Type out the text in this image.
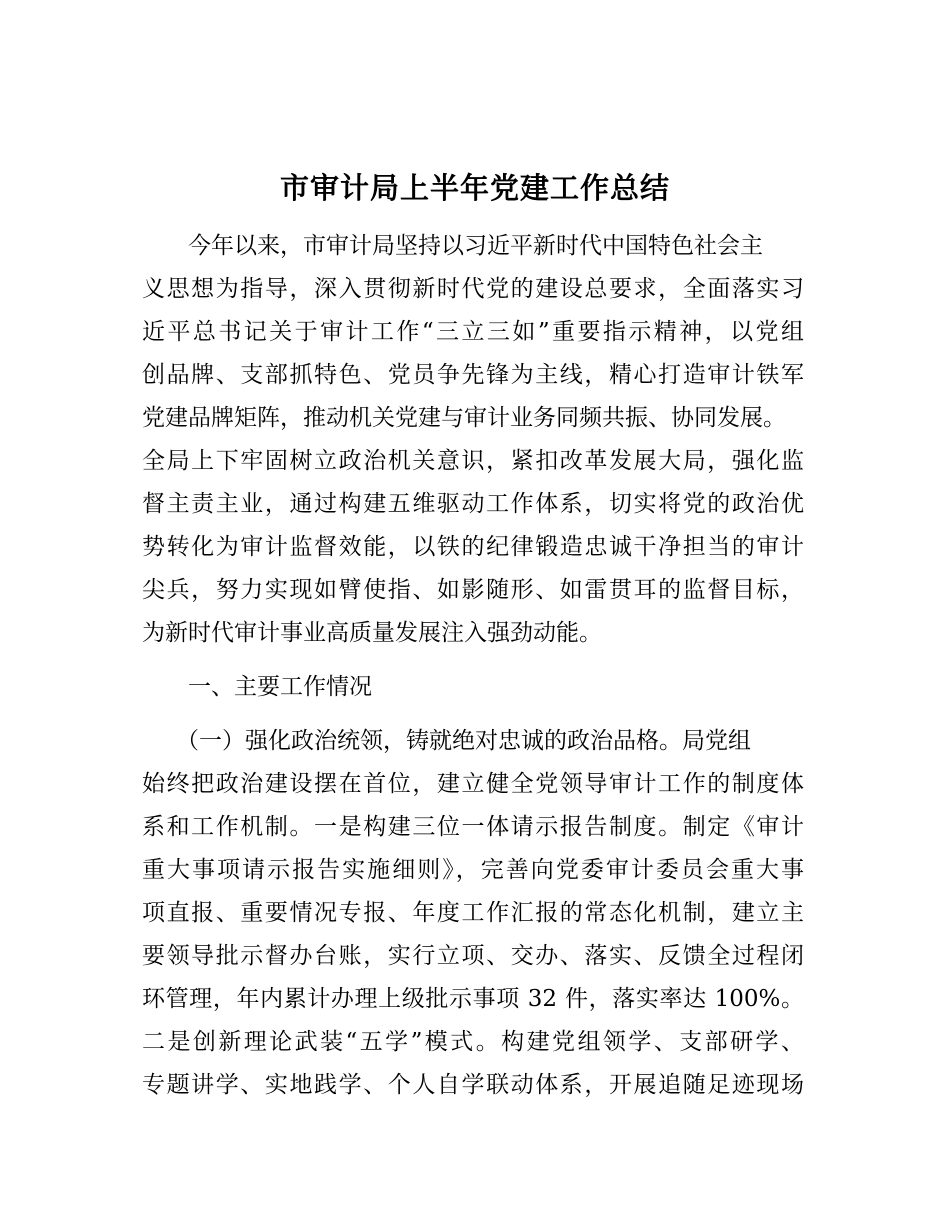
市审计局上半年党建工作总结

今年以来，市审计局坚持以习近平新时代中国特色社会主

义思想为指导，深入贯彻新时代党的建设总要求，全面落实习

近平总书记关于审计工作“三立三如”重要指示精神，以党组

创品牌、支部抓特色、党员争先锋为主线，精心打造审计铁军

党建品牌矩阵，推动机关党建与审计业务同频共振、协同发展。

全局上下牢固树立政治机关意识，紧扣改革发展大局，强化监

督主责主业，通过构建五维驱动工作体系，切实将党的政治优

势转化为审计监督效能，以铁的纪律锻造忠诚干净担当的审计

尖兵，努力实现如臂使指、如影随形、如雷贯耳的监督目标，

为新时代审计事业高质量发展注入强劲动能。

一、主要工作情况

（一）强化政治统领，铸就绝对忠诚的政治品格。局党组

始终把政治建设摆在首位，建立健全党领导审计工作的制度体

系和工作机制。一是构建三位一体请示报告制度。制定《审计

重大事项请示报告实施细则》，完善向党委审计委员会重大事

项直报、重要情况专报、年度工作汇报的常态化机制，建立主

要领导批示督办台账，实行立项、交办、落实、反馈全过程闭

环管理，年内累计办理上级批示事项 32 件，落实率达 100%。

二是创新理论武装“五学”模式。构建党组领学、支部研学、

专题讲学、实地践学、个人自学联动体系，开展追随足迹现场
